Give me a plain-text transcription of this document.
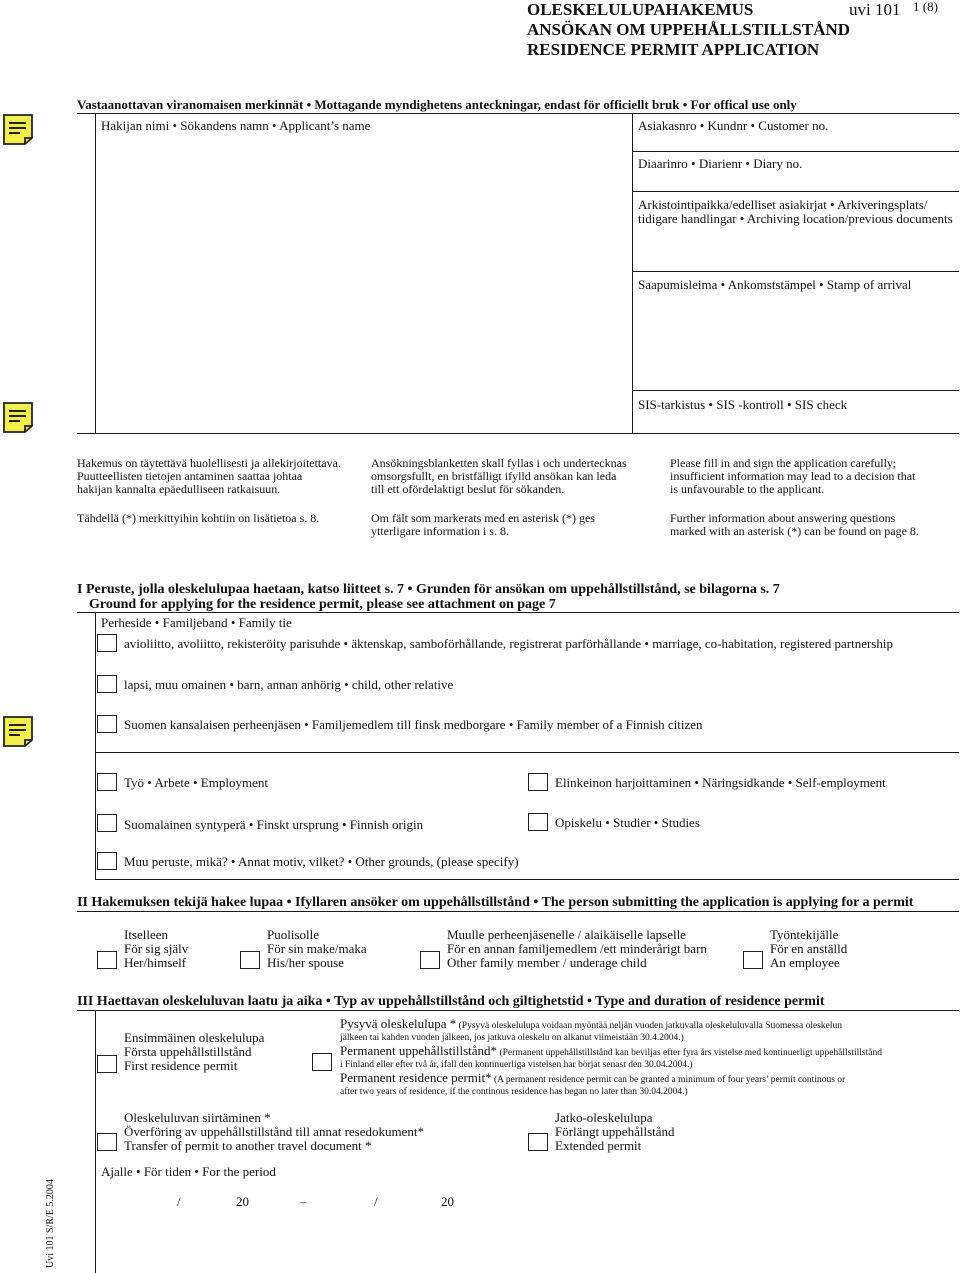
OLESKELULUPAHAKEMUS	uvi 101 1 (8)
ANSÖKAN OM UPPEHÅLLSTILLSTÅND
RESIDENCE PERMIT APPLICATION
Vastaanottavan viranomaisen merkinnät • Mottagande myndighetens anteckningar, endast för officiellt bruk • For offical use only
Hakijan nimi • Sökandens namn • Applicant’s name	Asiakasnro • Kundnr • Customer no.
Diaarinro • Diarienr • Diary no.
Arkistointipaikka/edelliset asiakirjat • Arkiveringsplats/
tidigare handlingar • Archiving location/previous documents
Saapumisleima • Ankomststämpel • Stamp of arrival
SIS-tarkistus • SIS -kontroll • SIS check
Hakemus on täytettävä huolellisesti ja allekirjoitettava.
Puutteellisten tietojen antaminen saattaa johtaa
hakijan kannalta epäedulliseen ratkaisuun.
Tähdellä (*) merkittyihin kohtiin on lisätietoa s. 8.
Ansökningsblanketten skall fyllas i och undertecknas
omsorgsfullt, en bristfälligt ifylld ansökan kan leda
till ett ofördelaktigt beslut för sökanden.
Om fält som markerats med en asterisk (*) ges
ytterligare information i s. 8.
Please fill in and sign the application carefully;
insufficient information may lead to a decision that
is unfavourable to the applicant.
Further information about answering questions
marked with an asterisk (*) can be found on page 8.
I Peruste, jolla oleskelulupaa haetaan, katso liitteet s. 7 • Grunden för ansökan om uppehållstillstånd, se bilagorna s. 7
Ground for applying for the residence permit, please see attachment on page 7
Perheside • Familjeband • Family tie
avioliitto, avoliitto, rekisteröity parisuhde • äktenskap, samboförhållande, registrerat parförhållande • marriage, co-habitation, registered partnership
lapsi, muu omainen • barn, annan anhörig • child, other relative
Suomen kansalaisen perheenjäsen • Familjemedlem till finsk medborgare • Family member of a Finnish citizen
Työ • Arbete • Employment	Elinkeinon harjoittaminen • Näringsidkande • Self-employment
Suomalainen syntyperä • Finskt ursprung • Finnish origin	Opiskelu • Studier • Studies
Muu peruste, mikä? • Annat motiv, vilket? • Other grounds, (please specify)
II Hakemuksen tekijä hakee lupaa • Ifyllaren ansöker om uppehållstillstånd • The person submitting the application is applying for a permit
Itselleen
För sig själv
Her/himself
Puolisolle
För sin make/maka
His/her spouse
Muulle perheenjäsenelle / alaikäiselle lapselle
För en annan familjemedlem /ett minderårigt barn
Other family member / underage child
Työntekijälle
För en anställd
An employee
III Haettavan oleskeluluvan laatu ja aika • Typ av uppehållstillstånd och giltighetstid • Type and duration of residence permit
Ensimmäinen oleskelulupa
Första uppehållstillstånd
First residence permit
Pysyvä oleskelulupa * (Pysyvä oleskelulupa voidaan myöntää neljän vuoden jatkuvalla oleskeluluvalla Suomessa oleskelun
jälkeen tai kahden vuoden jälkeen, jos jatkuva oleskelu on alkanut viimeistään 30.4.2004.)
Permanent uppehållstillstånd* (Permanent uppehållstillstånd kan beviljas efter fyra års vistelse med kontinuerligt uppehållstillstånd
i Finland eller efter två år, ifall den kontinuerliga vistelsen har börjat senast den 30.04.2004.)
Permanent residence permit* (A permanent residence permit can be granted a minimum of four years’ permit continous or
after two years of residence, if the continous residence has began no later than 30.04.2004.)
Oleskeluluvan siirtäminen *
Överföring av uppehållstillstånd till annat resedokument*
Transfer of permit to another travel document *
Jatko-oleskelulupa
Förlängt uppehållstånd
Extended permit
Ajalle • För tiden • For the period
/	20	–	/	20
Uvi 101 S/R/E 5.2004
